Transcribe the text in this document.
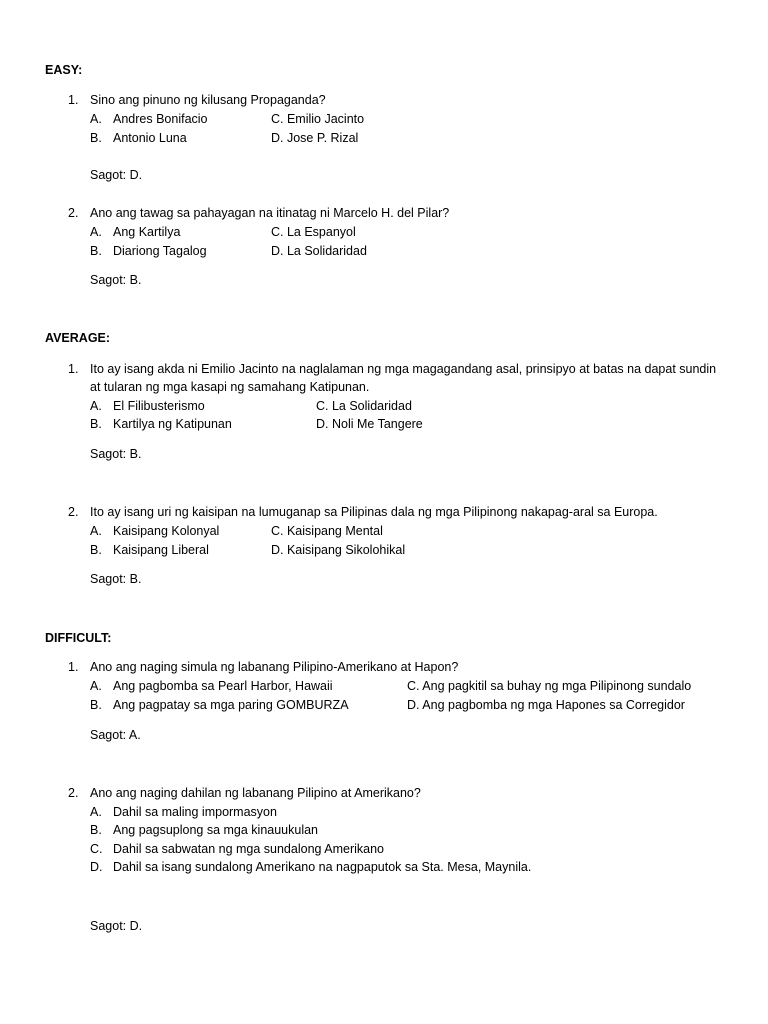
EASY:
1. Sino ang pinuno ng kilusang Propaganda?
A. Andres Bonifacio	C. Emilio Jacinto
B. Antonio Luna	D. Jose P. Rizal
Sagot: D.
2. Ano ang tawag sa pahayagan na itinatag ni Marcelo H. del Pilar?
A. Ang Kartilya	C. La Espanyol
B. Diariong Tagalog	D. La Solidaridad
Sagot: B.
AVERAGE:
1. Ito ay isang akda ni Emilio Jacinto na naglalaman ng mga magagandang asal, prinsipyo at batas na dapat sundin
at tularan ng mga kasapi ng samahang Katipunan.
A. El Filibusterismo	C. La Solidaridad
B. Kartilya ng Katipunan	D. Noli Me Tangere
Sagot: B.
2. Ito ay isang uri ng kaisipan na lumuganap sa Pilipinas dala ng mga Pilipinong nakapag-aral sa Europa.
A. Kaisipang Kolonyal	C. Kaisipang Mental
B. Kaisipang Liberal	D. Kaisipang Sikolohikal
Sagot: B.
DIFFICULT:
1. Ano ang naging simula ng labanang Pilipino-Amerikano at Hapon?
A. Ang pagbomba sa Pearl Harbor, Hawaii	C. Ang pagkitil sa buhay ng mga Pilipinong sundalo
B. Ang pagpatay sa mga paring GOMBURZA	D. Ang pagbomba ng mga Hapones sa Corregidor
Sagot: A.
2. Ano ang naging dahilan ng labanang Pilipino at Amerikano?
A. Dahil sa maling impormasyon
B. Ang pagsuplong sa mga kinauukulan
C. Dahil sa sabwatan ng mga sundalong Amerikano
D. Dahil sa isang sundalong Amerikano na nagpaputok sa Sta. Mesa, Maynila.
Sagot: D.
